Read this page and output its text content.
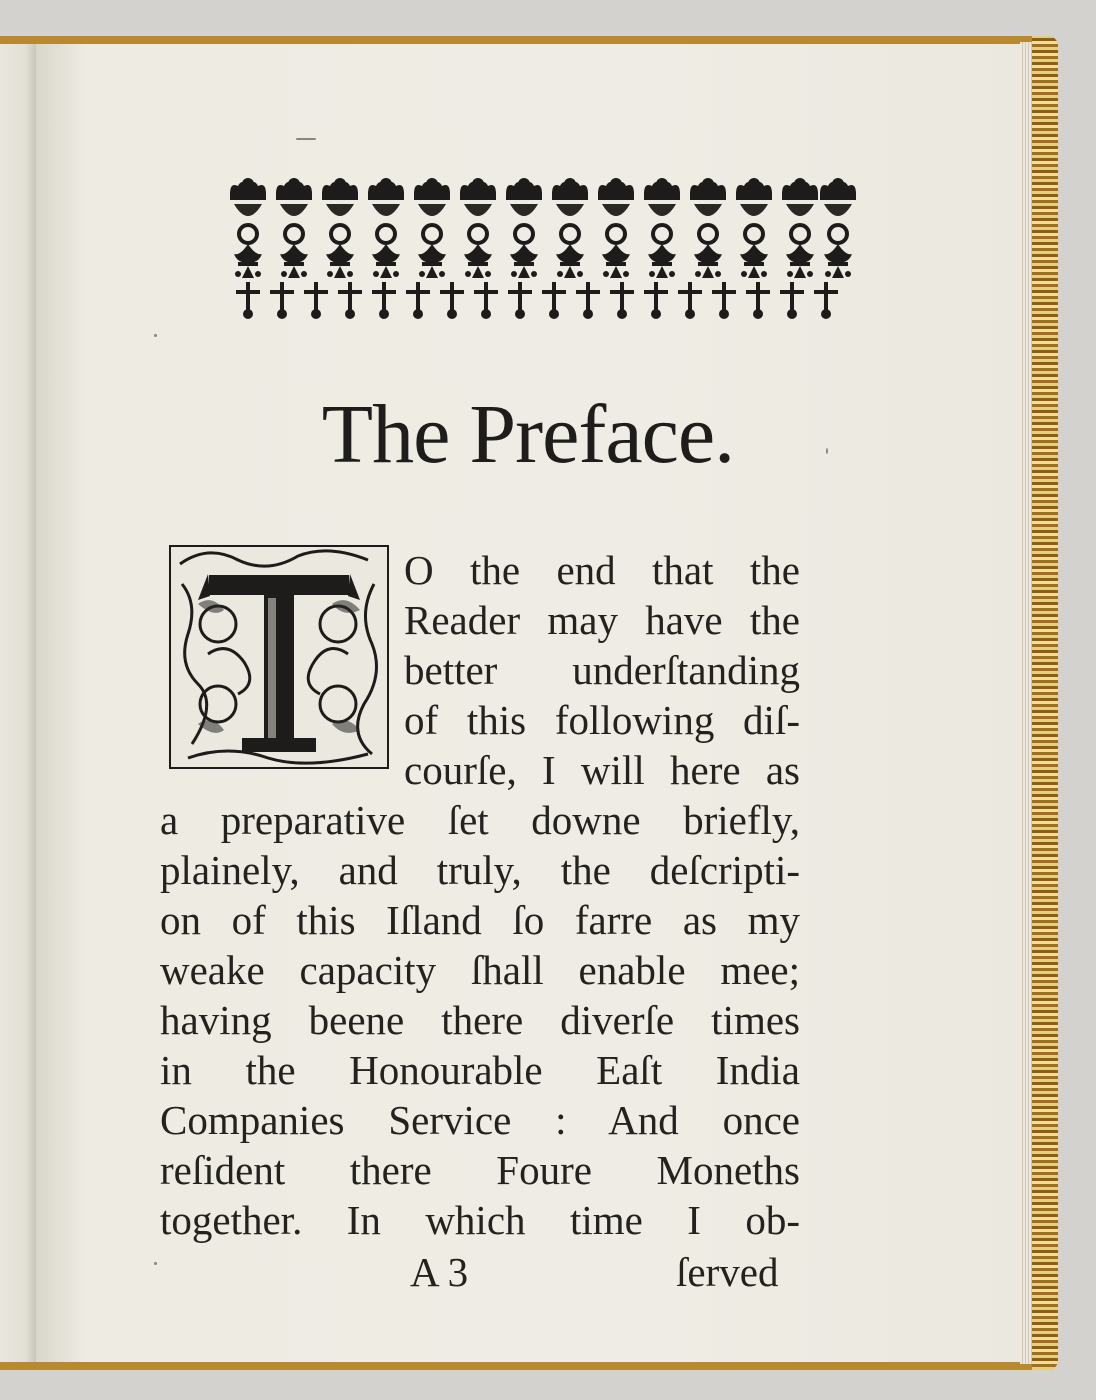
The Preface.

O the end that the

Reader may have the

better underſtanding

of this following diſ-

courſe, I will here as

a preparative ſet downe briefly,

plainely, and truly, the deſcripti-

on of this Iſland ſo farre as my

weake capacity ſhall enable mee;

having beene there diverſe times

in the Honourable Eaſt India

Companies Service : And once

reſident there Foure Moneths

together. In which time I ob-

A 3	ſerved
